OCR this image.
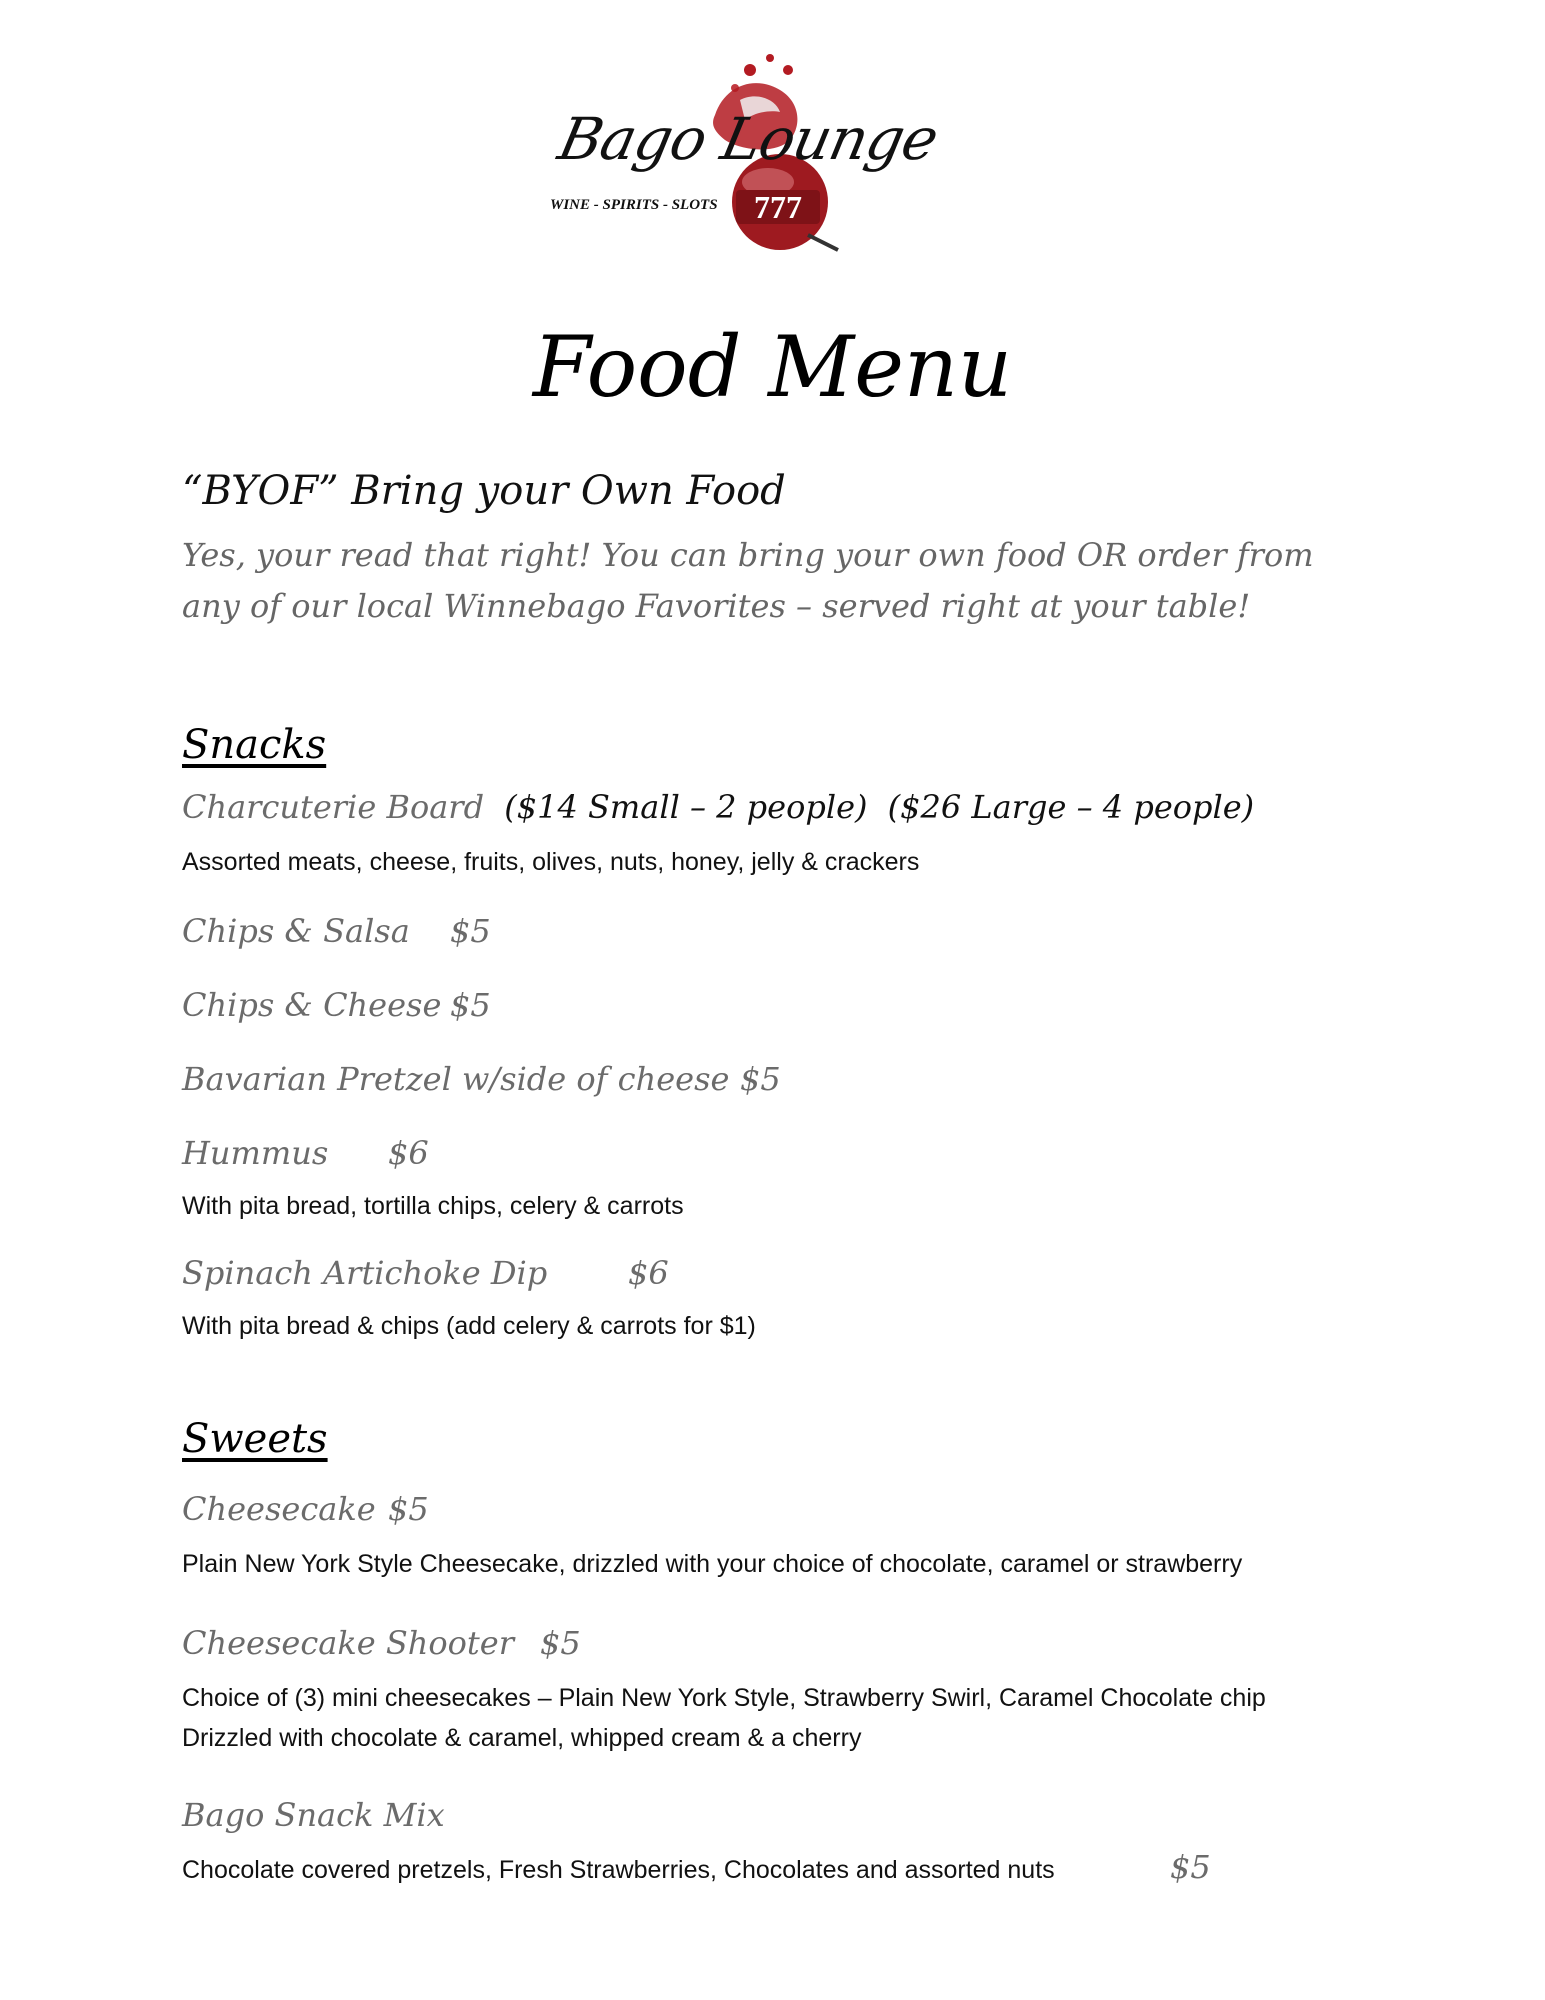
777
Bago Lounge
WINE - SPIRITS - SLOTS
Food Menu
“BYOF” Bring your Own Food
Yes, your read that right! You can bring your own food OR order from any of our local Winnebago Favorites – served right at your table!
Snacks
Charcuterie Board ($14 Small – 2 people) ($26 Large – 4 people)
Assorted meats, cheese, fruits, olives, nuts, honey, jelly & crackers
Chips & Salsa $5
Chips & Cheese $5
Bavarian Pretzel w/side of cheese $5
Hummus $6
With pita bread, tortilla chips, celery & carrots
Spinach Artichoke Dip	$6
With pita bread & chips (add celery & carrots for $1)
Sweets
Cheesecake $5
Plain New York Style Cheesecake, drizzled with your choice of chocolate, caramel or strawberry
Cheesecake Shooter $5
Choice of (3) mini cheesecakes – Plain New York Style, Strawberry Swirl, Caramel Chocolate chip
Drizzled with chocolate & caramel, whipped cream & a cherry
Bago Snack Mix
Chocolate covered pretzels, Fresh Strawberries, Chocolates and assorted nuts	$5
